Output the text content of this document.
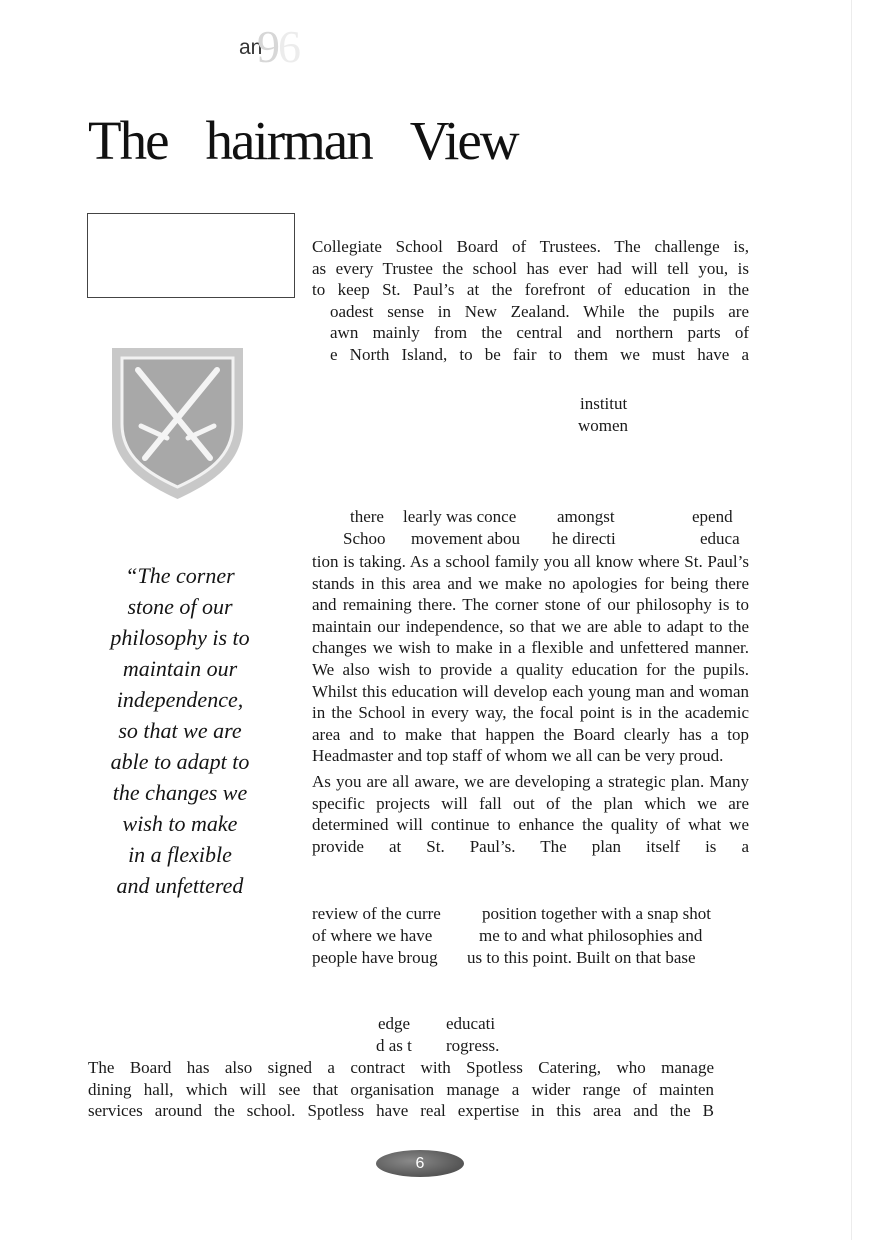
an
96
The hairman View
“The corner
stone of our
philosophy is to
maintain our
independence,
so that we are
able to adapt to
the changes we
wish to make
in a flexible
and unfettered
Collegiate School Board of Trustees. The challenge is,
as every Trustee the school has ever had will tell you, is
to keep St. Paul’s at the forefront of education in the
oadest sense in New Zealand. While the pupils are
awn mainly from the central and northern parts of
e North Island, to be fair to them we must have a
institut
women
there learly was conce amongst	epend
Schoo movement abou he directi	educa

tion is taking. As a school family you all know where St. Paul’s stands in this area and we make no apologies for being there and remaining there. The corner stone of our philosophy is to maintain our independence, so that we are able to adapt to the changes we wish to make in a flexible and unfettered manner. We also wish to provide a quality education for the pupils. Whilst this education will develop each young man and woman in the School in every way, the focal point is in the academic area and to make that happen the Board clearly has a top Headmaster and top staff of whom we all can be very proud.

As you are all aware, we are developing a strategic plan. Many specific projects will fall out of the plan which we are determined will continue to enhance the quality of what we provide at St. Paul’s. The plan itself is a

review of the curre position together with a snap shot
of where we have	me to and what philosophies and
people have broug us to this point. Built on that base
edge educati
d as t rogress.
The Board has also signed a contract with Spotless Catering, who manage
dining hall, which will see that organisation manage a wider range of mainten
services around the school. Spotless have real expertise in this area and the B
6
